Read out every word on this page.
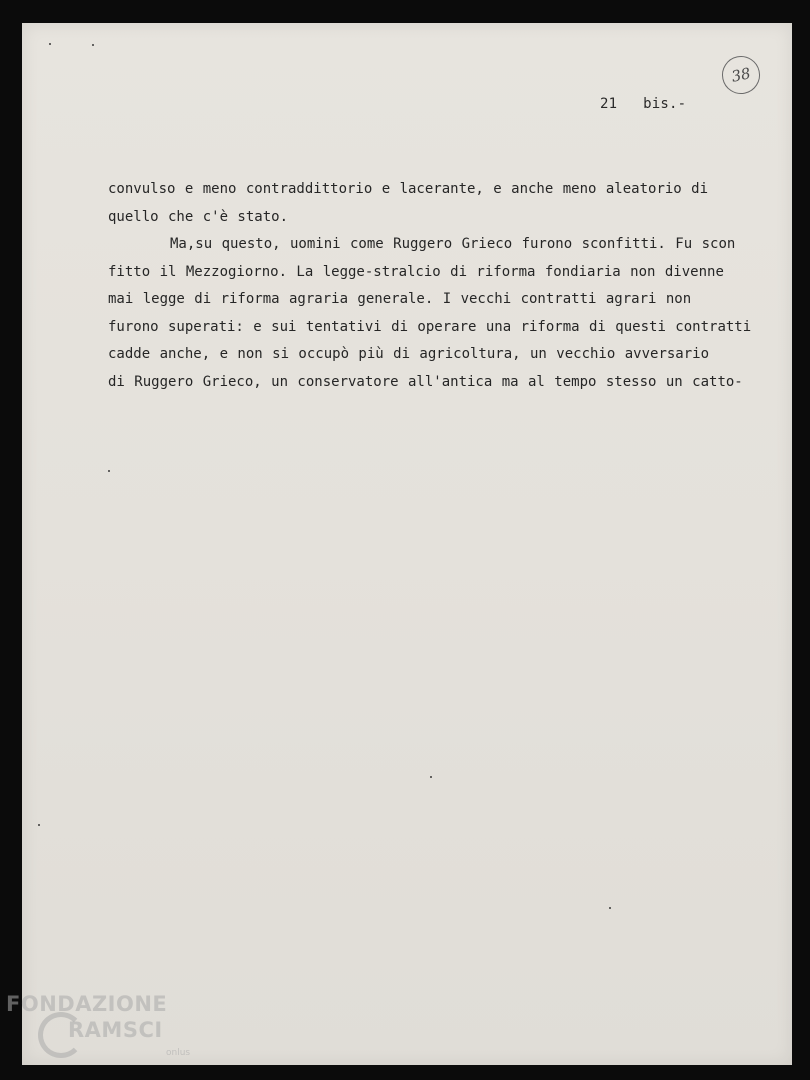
21   bis.-
38
convulso e meno contraddittorio e lacerante, e anche meno aleatorio di
quello che c'è stato.
Ma,su questo, uomini come Ruggero Grieco furono sconfitti. Fu scon
fitto il Mezzogiorno. La legge-stralcio di riforma fondiaria non divenne
mai legge di riforma agraria generale. I vecchi contratti agrari non
furono superati: e sui tentativi di operare una riforma di questi contratti
cadde anche, e non si occupò più di agricoltura, un vecchio avversario
di Ruggero Grieco, un conservatore all'antica ma al tempo stesso un catto-
FONDAZIONE
RAMSCI
onlus
